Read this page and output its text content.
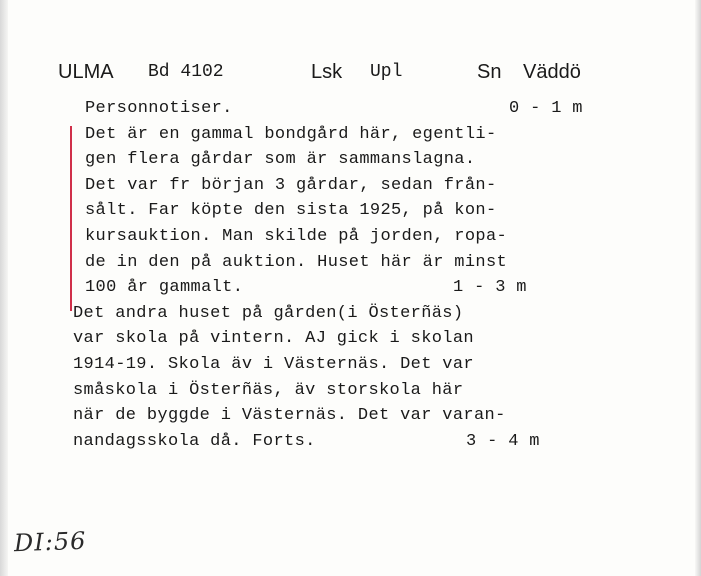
ULMA Bd 4102	Lsk Upl	Sn Väddö
Personnotiser.	0 - 1 m
Det är en gammal bondgård här, egentli-
gen flera gårdar som är sammanslagna.
Det var fr början 3 gårdar, sedan från-
sålt. Far köpte den sista 1925, på kon-
kursauktion. Man skilde på jorden, ropa-
de in den på auktion. Huset här är minst
100 år gammalt.	1 - 3 m
Det andra huset på gården(i Österñäs)
var skola på vintern. AJ gick i skolan
1914-19. Skola äv i Västernäs. Det var
småskola i Österñäs, äv storskola här
när de byggde i Västernäs. Det var varan-
nandagsskola då. Forts.	3 - 4 m
DI:56
